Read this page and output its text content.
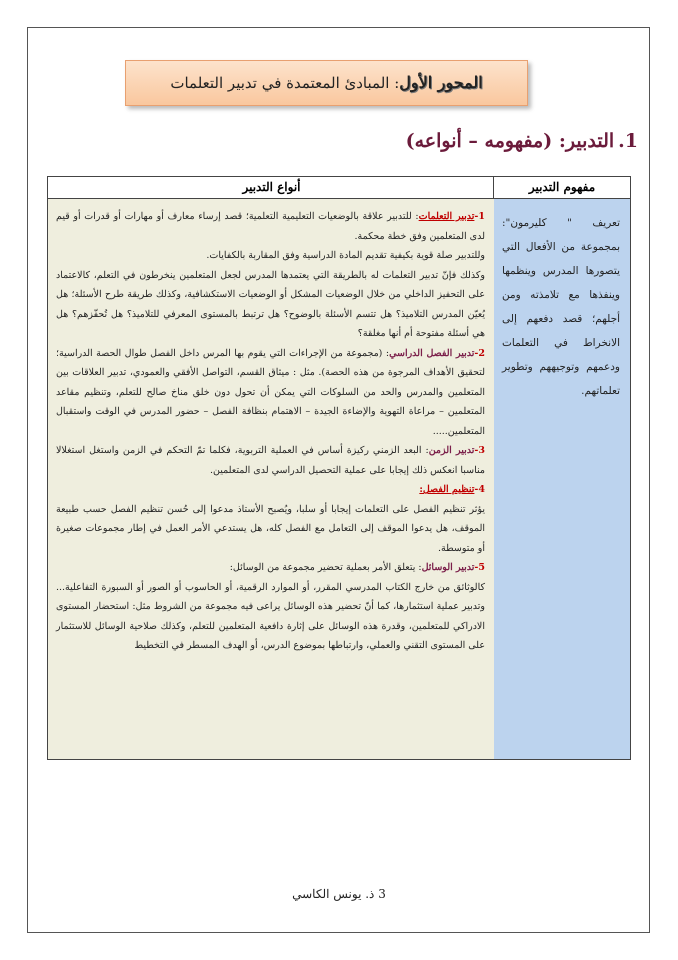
المحور الأول: المبادئ المعتمدة في تدبير التعلمات
1.التدبير: (مفهومه – أنواعه)
مفهوم التدبير
أنواع التدبير
تعريف " كليرمون": بمجموعة من الأفعال التي يتصورها المدرس وينظمها وينفذها مع تلامذته ومن أجلهم؛ قصد دفعهم إلى الانخراط في التعلمات ودعمهم وتوجيههم وتطوير تعلماتهم.

1-تدبير التعلمات: للتدبير علاقة بالوضعيات التعليمية التعلمية؛ قصد إرساء معارف أو مهارات أو قدرات أو قيم لدى المتعلمين وفق خطة محكمة.

وللتدبير صلة قوية بكيفية تقديم المادة الدراسية وفق المقاربة بالكفايات.

وكذلك فإنّ تدبير التعلمات له بالطريقة التي يعتمدها المدرس لجعل المتعلمين ينخرطون في التعلم، كالاعتماد على التحفيز الداخلي من خلال الوضعيات المشكل أو الوضعيات الاستكشافية، وكذلك طريقة طرح الأسئلة؛ هل يُعيّن المدرس التلاميذ؟ هل تتسم الأسئلة بالوضوح؟ هل ترتبط بالمستوى المعرفي للتلاميذ؟ هل تُحفّزهم؟ هل هي أسئلة مفتوحة أم أنها مغلقة؟

2-تدبير الفصل الدراسي: (مجموعة من الإجراءات التي يقوم بها المرس داخل الفصل طوال الحصة الدراسية؛ لتحقيق الأهداف المرجوة من هذه الحصة). مثل : ميثاق القسم، التواصل الأفقي والعمودي، تدبير العلاقات بين المتعلمين والمدرس والحد من السلوكات التي يمكن أن تحول دون خلق مناخ صالح للتعلم، وتنظيم مقاعد المتعلمين – مراعاة التهوية والإضاءة الجيدة – الاهتمام بنظافة الفصل – حضور المدرس في الوقت واستقبال المتعلمين.....

3-تدبير الزمن: البعد الزمني ركيزة أساس في العملية التربوية، فكلما تمّ التحكم في الزمن واستغل استغلالا مناسبا انعكس ذلك إيجابا على عملية التحصيل الدراسي لدى المتعلمين.

4-تنظيم الفصل:

يؤثر تنظيم الفصل على التعلمات إيجابا أو سلبا، ويُصبح الأستاذ مدعوا إلى حُسن تنظيم الفصل حسب طبيعة الموقف، هل يدعوا الموقف إلى التعامل مع الفصل كله، هل يستدعي الأمر العمل في إطار مجموعات صغيرة أو متوسطة.

5-تدبير الوسائل: يتعلق الأمر بعملية تحضير مجموعة من الوسائل:

كالوثائق من خارج الكتاب المدرسي المقرر، أو الموارد الرقمية، أو الحاسوب أو الصور أو السبورة التفاعلية... وتدبير عملية استثمارها، كما أنّ تحضير هذه الوسائل يراعى فيه مجموعة من الشروط مثل: استحضار المستوى الادراكي للمتعلمين، وقدرة هذه الوسائل على إثارة دافعية المتعلمين للتعلم، وكذلك صلاحية الوسائل للاستثمار على المستوى التقني والعملي، وارتباطها بموضوع الدرس، أو الهدف المسطر في التخطيط

3 ذ. يونس الكاسي
